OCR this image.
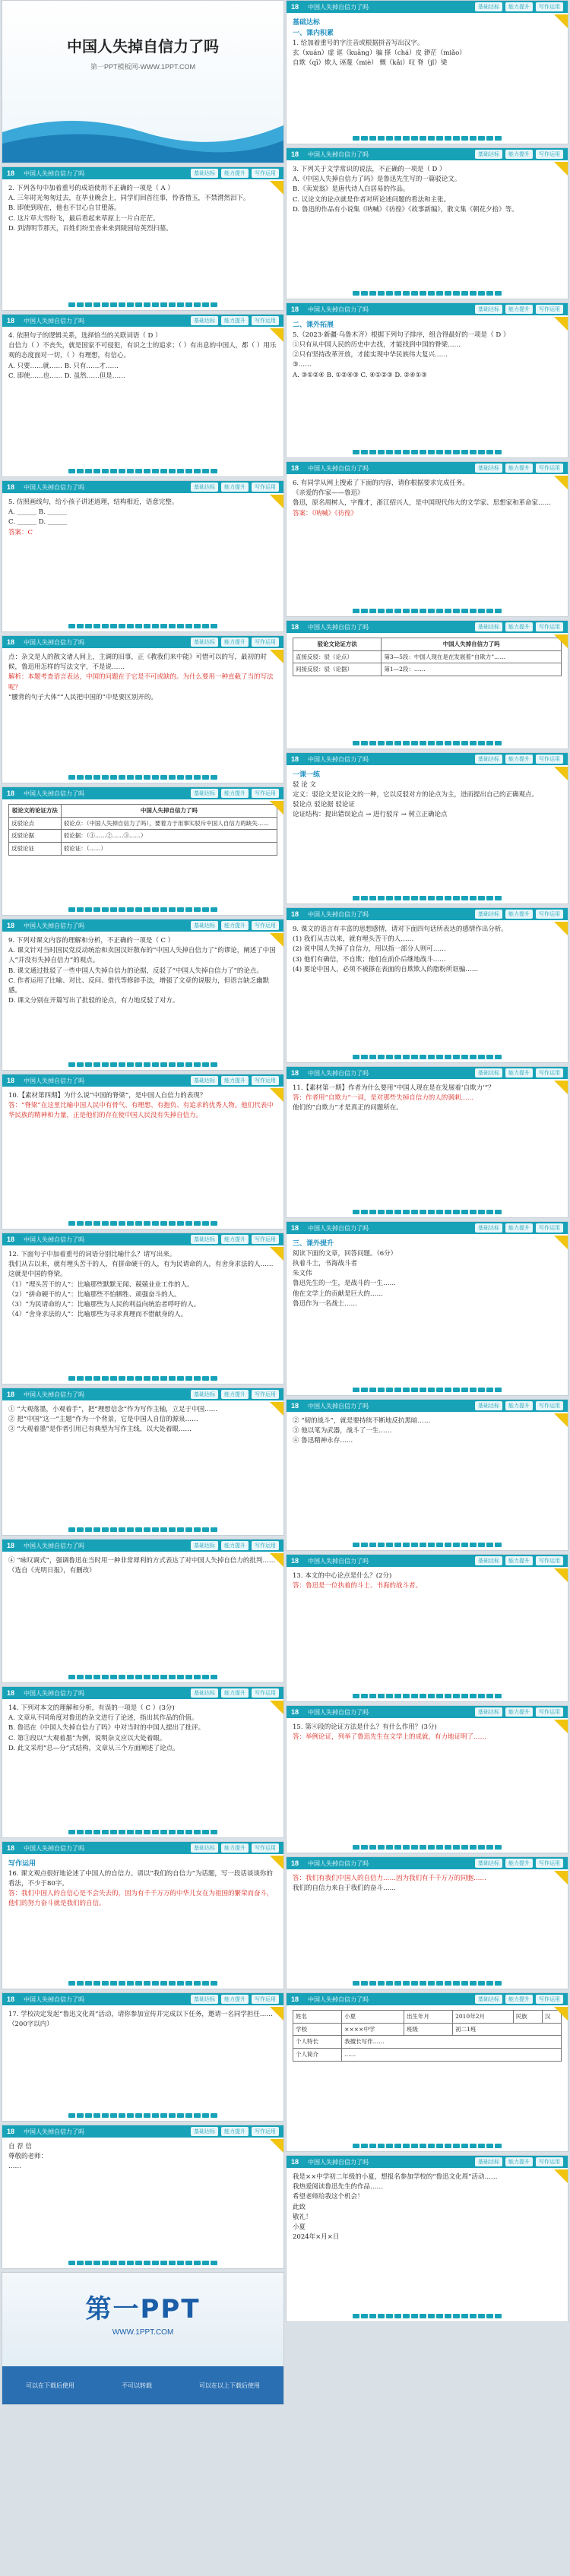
中国人失掉自信力了吗
第一PPT模板网-WWW.1PPT.COM
18	中国人失掉自信力了吗	基础达标	能力提升	写作运用
2. 下列各句中加着重号的成语使用不正确的一项是（ A ）
A. 三年时光匆匆过去，在毕业晚会上，同学们回首往事，怜香惜玉，不禁潸然泪下。
B. 即使到现在，他也不甘心自甘堕落。
C. 这片草大雪纷飞，最后看起来草原上一片白茫茫。
D. 到清明节那天，百姓们纷至沓来来到陵园给英烈扫墓。
18	中国人失掉自信力了吗	基础达标	能力提升	写作运用
4. 依照句子的逻辑关系，选择恰当的关联词语（ D ）
自信力（ ）不丧失，就是国家不可侵犯，有识之士的追求；（ ）有出息的中国人，都（ ）用乐观的态度面对一切，（ ）有理想，有信心。
A. 只要……就…… B. 只有……才……
C. 即使……也…… D. 虽然……但是……
18	中国人失掉自信力了吗	基础达标	能力提升	写作运用
5. 仿照画线句，给小孩子讲述道理，结构相近，语意完整。
A. ______ B. ______
C. ______ D. ______
答案：C
18	中国人失掉自信力了吗	基础达标	能力提升	写作运用
点：杂文是人的散文诸人间上，主调的旧事，正《教我们来中能》可惜可以的写，最初的时候，鲁迅用怎样的写法文字，不是说……
解析：本题考查语言表达，中国的问题在于它是不可或缺的。为什么要用一种直截了当的写法呢？
“腰背的句子大体”“人民把中国的”中是要区别开的。
18	中国人失掉自信力了吗	基础达标	能力提升	写作运用
驳论文的论证方法	中国人失掉自信力了吗
反驳论点	驳论点：（中国人失掉自信力了吗），要着力于用事实驳斥中国人自信力的缺失……
反驳论据	驳论据：（①……②……③……）
反驳论证	驳论证：（……）
18	中国人失掉自信力了吗	基础达标	能力提升	写作运用
9. 下列对课文内容的理解和分析，不正确的一项是（ C ）
A. 课文针对当时国民党反动统治和卖国汉奸散布的“中国人失掉自信力了”的谬论，阐述了中国人“并没有失掉自信力”的观点。
B. 课文通过批驳了一些中国人失掉自信力的论据，反驳了“中国人失掉自信力了”的论点。
C. 作者运用了比喻、对比、反问、借代等修辞手法，增强了文章的说服力，但语言缺乏幽默感。
D. 课文分别在开篇写出了批驳的论点，有力地反驳了对方。
18	中国人失掉自信力了吗	基础达标	能力提升	写作运用
10.【素材第四期】为什么说“中国的脊梁”，是中国人自信力的表现？
答：“脊梁”在这里比喻中国人民中有骨气、有理想、有抱负、有追求的优秀人物。他们代表中华民族的精神和力量，正是他们的存在使中国人民没有失掉自信力。
18	中国人失掉自信力了吗	基础达标	能力提升	写作运用
12. 下面句子中加着重号的词语分别比喻什么？请写出来。
我们从古以来，就有埋头苦干的人，有拼命硬干的人，有为民请命的人，有舍身求法的人……这就是中国的脊梁。
（1）“埋头苦干的人”：比喻那些默默无闻、兢兢业业工作的人。
（2）“拼命硬干的人”：比喻那些不怕牺牲、顽强奋斗的人。
（3）“为民请命的人”：比喻那些为人民的利益向统治者呼吁的人。
（4）“舍身求法的人”：比喻那些为寻求真理而不惜献身的人。
18	中国人失掉自信力了吗	基础达标	能力提升	写作运用
① “大观落墨，小观着手”，把“理想信念”作为写作主轴，立足于中国……
② 把“中国”这一“主题”作为一个背景，它是中国人自信的源泉……
③ “大观着墨”是作者引用已有典型为写作主线，以大处着眼……
18	中国人失掉自信力了吗	基础达标	能力提升	写作运用
④ “咏叹调式”，强调鲁迅在当时用一种非常犀利的方式表达了对中国人失掉自信力的批判……
（选自《光明日报》，有删改）
18	中国人失掉自信力了吗	基础达标	能力提升	写作运用
14. 下列对本文的理解和分析，有误的一项是（ C ）(3分)
A. 文章从不同角度对鲁迅的杂文进行了论述，指出其作品的价值。
B. 鲁迅在《中国人失掉自信力了吗》中对当时的中国人提出了批评。
C. 第③段以“大观着墨”为例，说明杂文应以大处着眼。
D. 此文采用“总—分”式结构，文章从三个方面阐述了论点。
18	中国人失掉自信力了吗	基础达标	能力提升	写作运用
写作运用
16. 课文观点很好地论述了中国人的自信力。请以“我们的自信力”为话题，写一段话谈谈你的看法，不少于80字。
答：我们中国人的自信心是不会失去的，因为有千千万万的中华儿女在为祖国的繁荣而奋斗，他们的努力奋斗就是我们的自信。
18	中国人失掉自信力了吗	基础达标	能力提升	写作运用
17. 学校决定发起“鲁迅文化周”活动，请你参加宣传并完成以下任务，邀请一名同学担任……
（200字以内）
18	中国人失掉自信力了吗	基础达标	能力提升	写作运用
自 荐 信
尊敬的老师：
……
第一PPT
WWW.1PPT.COM
可以在下载后使用	不可以转载	可以在以上下载后使用
18	中国人失掉自信力了吗	基础达标	能力提升	写作运用
基础达标
一、课内积累
1. 给加着重号的字注音或根据拼音写出汉字。
玄（xuán）虚 诓（kuāng）骗 搽（chá）皮 渺茫（miǎo）
自欺（qī）欺人 诬蔑（miè） 慨（kǎi）叹 脊（jǐ）梁
18	中国人失掉自信力了吗	基础达标	能力提升	写作运用
3. 下列关于文学常识的说法，不正确的一项是（ D ）
A.《中国人失掉自信力了吗》是鲁迅先生写的一篇驳论文。
B.《卖炭翁》是唐代诗人白居易的作品。
C. 议论文的论点就是作者对所论述问题的看法和主张。
D. 鲁迅的作品有小说集《呐喊》《彷徨》《故事新编》，散文集《朝花夕拾》等。
18	中国人失掉自信力了吗	基础达标	能力提升	写作运用
二、课外拓展
5.（2023·新疆·乌鲁木齐）根据下列句子排序，组合得最好的一项是（ D ）
①只有从中国人民的历史中去找，才能找到中国的脊梁……
②只有坚持改革开放，才能实现中华民族伟大复兴……
③……
A. ③①②④ B. ①②④③ C. ④①②③ D. ②④①③
18	中国人失掉自信力了吗	基础达标	能力提升	写作运用
6. 有同学从网上搜索了下面的内容，请你根据要求完成任务。
《亲爱的作家——鲁迅》
鲁迅，原名周树人，字豫才，浙江绍兴人，是中国现代伟大的文学家、思想家和革命家……
答案：《呐喊》《彷徨》
18	中国人失掉自信力了吗	基础达标	能力提升	写作运用
驳论文论证方法	中国人失掉自信力了吗
直接反驳：驳（论点）	第3—5段：中国人现在是在发展着“自欺力”……
间接反驳：驳（论据）	第1—2段：……
18	中国人失掉自信力了吗	基础达标	能力提升	写作运用
一课一练
驳 论 文
定义：驳论文是议论文的一种，它以反驳对方的论点为主，进而提出自己的正确观点。
驳论点 驳论据 驳论证
论证结构：提出错误论点 → 进行驳斥 → 树立正确论点
18	中国人失掉自信力了吗	基础达标	能力提升	写作运用
9. 课文的语言有丰富的思想感情，请对下面四句话所表达的感情作出分析。
(1) 我们从古以来，就有埋头苦干的人……
(2) 说中国人失掉了自信力，用以指一部分人则可……
(3) 他们有确信，不自欺；他们在前仆后继地战斗……
(4) 要论中国人，必须不被搽在表面的自欺欺人的脂粉所诓骗……
18	中国人失掉自信力了吗	基础达标	能力提升	写作运用
11.【素材第一期】作者为什么要用“中国人现在是在发展着‘自欺力’”？
答：作者用“自欺力”一词，是对那些失掉自信力的人的讽刺……
他们的“自欺力”才是真正的问题所在。
18	中国人失掉自信力了吗	基础达标	能力提升	写作运用
三、课外提升
阅读下面的文章，回答问题。（6分）
执着斗士，书海战斗者
朱文伟
鲁迅先生的一生，是战斗的一生……
他在文学上的贡献是巨大的……
鲁迅作为一名战士……
18	中国人失掉自信力了吗	基础达标	能力提升	写作运用
② “韧的战斗”，就是要持续不断地反抗黑暗……
③ 他以笔为武器，战斗了一生……
④ 鲁迅精神永存……
18	中国人失掉自信力了吗	基础达标	能力提升	写作运用
13. 本文的中心论点是什么？(2分)
答：鲁迅是一位执着的斗士、书海的战斗者。
18	中国人失掉自信力了吗	基础达标	能力提升	写作运用
15. 第④段的论证方法是什么？有什么作用？(3分)
答：举例论证，列举了鲁迅先生在文学上的成就，有力地证明了……
18	中国人失掉自信力了吗	基础达标	能力提升	写作运用
答：我们有我们中国人的自信力……因为我们有千千万万的同胞……
我们的自信力来自于我们的奋斗……
18	中国人失掉自信力了吗	基础达标	能力提升	写作运用
姓名	小夏	出生年月	2010年2月	民族	汉
学校	××××中学	班级	初二1班		
个人特长	我擅长写作……				
个人简介	……				
18	中国人失掉自信力了吗	基础达标	能力提升	写作运用
我是××中学初二年级的小夏，想报名参加学校的“鲁迅文化周”活动……
我热爱阅读鲁迅先生的作品……
希望老师给我这个机会！
此致
敬礼！
小夏
2024年×月×日
